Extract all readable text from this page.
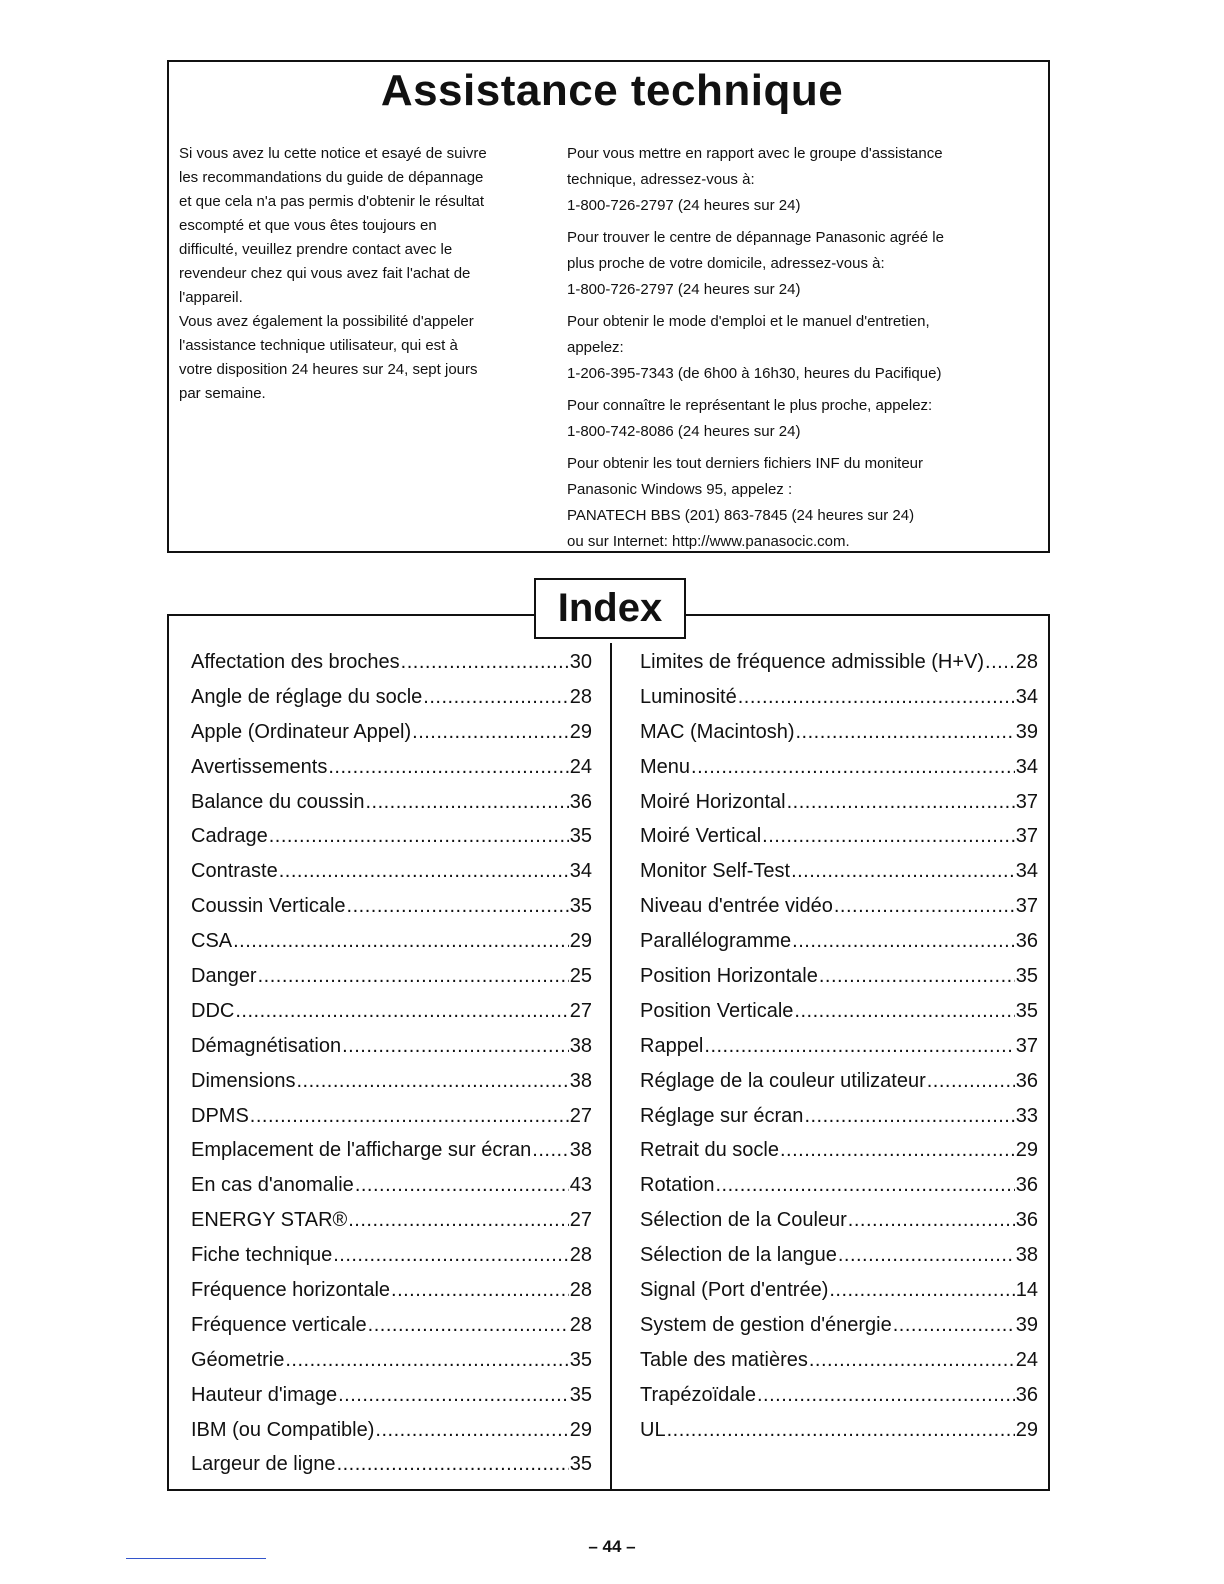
Assistance technique

Si vous avez lu cette notice et esayé de suivre

les recommandations du guide de dépannage

et que cela n'a pas permis d'obtenir le résultat

escompté et que vous êtes toujours en

difficulté, veuillez prendre contact avec le

revendeur chez qui vous avez fait l'achat de

l'appareil.

Vous avez également la possibilité d'appeler

l'assistance technique utilisateur, qui est à

votre disposition 24 heures sur 24, sept jours

par semaine.

Pour vous mettre en rapport avec le groupe d'assistance

technique, adressez-vous à:

1-800-726-2797 (24 heures sur 24)

Pour trouver le centre de dépannage Panasonic agréé le

plus proche de votre domicile, adressez-vous à:

1-800-726-2797 (24 heures sur 24)

Pour obtenir le mode d'emploi et le manuel d'entretien,

appelez:

1-206-395-7343 (de 6h00 à 16h30, heures du Pacifique)

Pour connaître le représentant le plus proche, appelez:

1-800-742-8086 (24 heures sur 24)

Pour obtenir les tout derniers fichiers INF du moniteur

Panasonic Windows 95, appelez :

PANATECH BBS (201) 863-7845 (24 heures sur 24)

ou sur Internet: http://www.panasocic.com.

Index
Affectation des broches .....	30
Angle de réglage du socle .....	28
Apple (Ordinateur Appel) .....	29
Avertissements .....	24
Balance du coussin .....	36
Cadrage .....	35
Contraste .....	34
Coussin Verticale .....	35
CSA .....	29
Danger .....	25
DDC .....	27
Démagnétisation .....	38
Dimensions .....	38
DPMS .....	27
Emplacement de l'afficharge sur écran ..... 38
En cas d'anomalie .....	43
ENERGY STAR® .....	27
Fiche technique .....	28
Fréquence horizontale .....	28
Fréquence verticale .....	28
Géometrie .....	35
Hauteur d'image .....	35
IBM (ou Compatible) .....	29
Largeur de ligne .....	35
Limites de fréquence admissible (H+V) ..... 28
Luminosité .....	34
MAC (Macintosh) .....	39
Menu .....	34
Moiré Horizontal .....	37
Moiré Vertical .....	37
Monitor Self-Test .....	34
Niveau d'entrée vidéo .....	37
Parallélogramme .....	36
Position Horizontale .....	35
Position Verticale .....	35
Rappel .....	37
Réglage de la couleur utilizateur .....	36
Réglage sur écran .....	33
Retrait du socle .....	29
Rotation .....	36
Sélection de la Couleur .....	36
Sélection de la langue .....	38
Signal (Port d'entrée) .....	14
System de gestion d'énergie .....	39
Table des matières .....	24
Trapézoïdale .....	36
UL .....	29
– 44 –
